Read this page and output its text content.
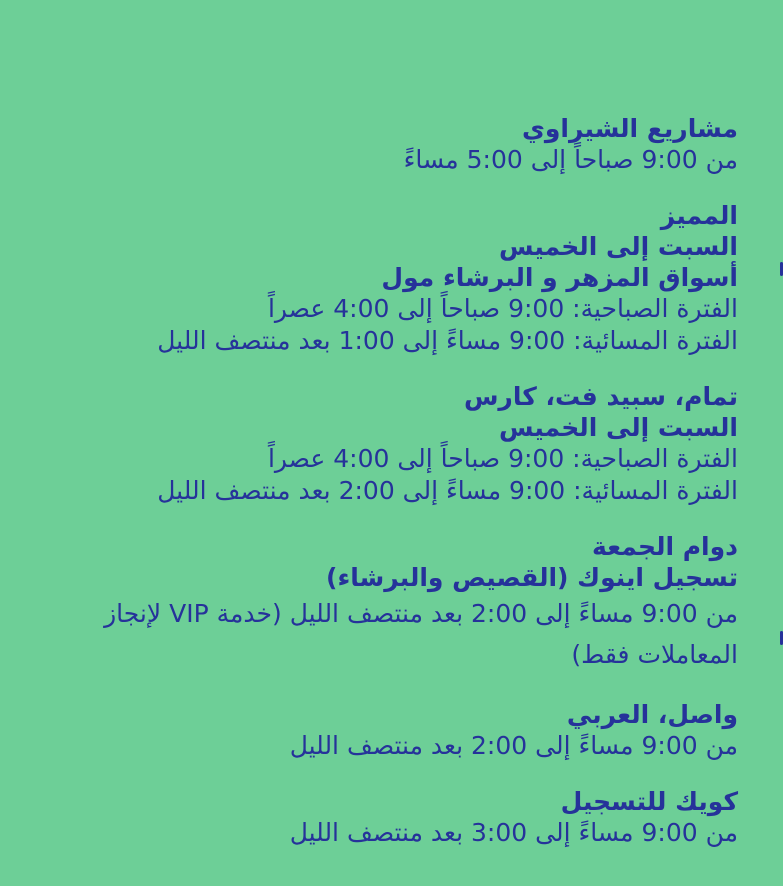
مشاريع الشيراوي

من 9:00 صباحاً إلى 5:00 مساءً

المميز

السبت إلى الخميس

أسواق المزهر و البرشاء مول

الفترة الصباحية: 9:00 صباحاً إلى 4:00 عصراً

الفترة المسائية: 9:00 مساءً إلى 1:00 بعد منتصف الليل

تمام، سبيد فت، كارس

السبت إلى الخميس

الفترة الصباحية: 9:00 صباحاً إلى 4:00 عصراً

الفترة المسائية: 9:00 مساءً إلى 2:00 بعد منتصف الليل

دوام الجمعة

تسجيل اينوك (القصيص والبرشاء)

من 9:00 مساءً إلى 2:00 بعد منتصف الليل (خدمة VIP لإنجاز المعاملات فقط)

واصل، العربي

من 9:00 مساءً إلى 2:00 بعد منتصف الليل

كويك للتسجيل

من 9:00 مساءً إلى 3:00 بعد منتصف الليل
